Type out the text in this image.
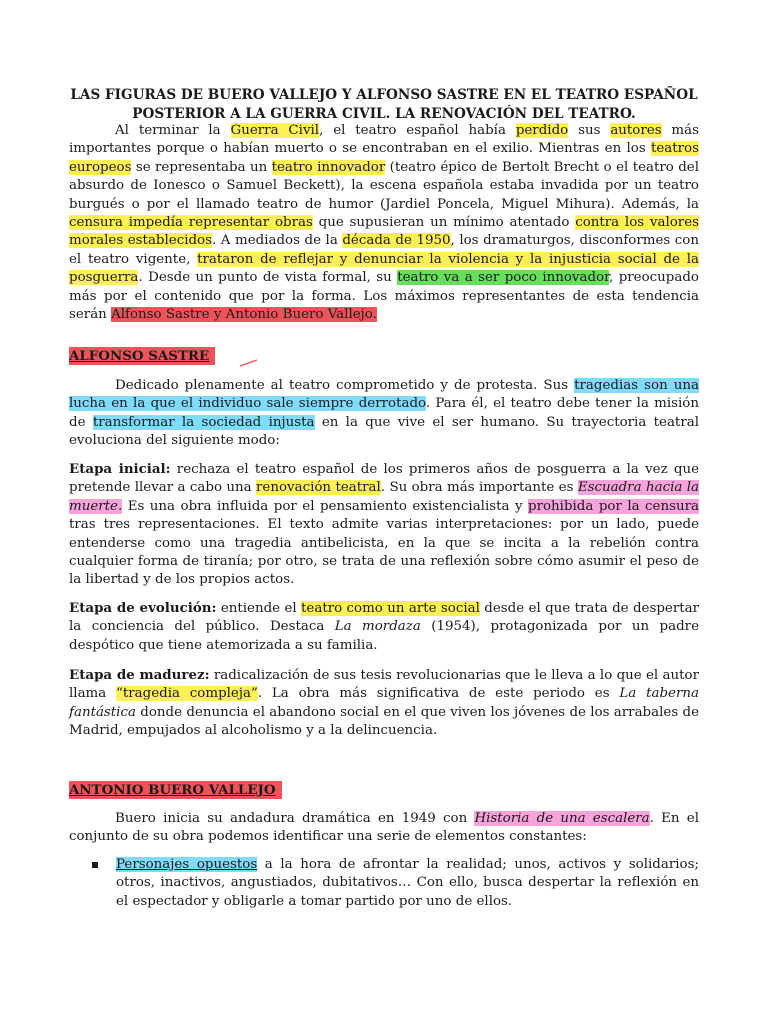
LAS FIGURAS DE BUERO VALLEJO Y ALFONSO SASTRE EN EL TEATRO ESPAÑOL
POSTERIOR A LA GUERRA CIVIL. LA RENOVACIÓN DEL TEATRO.

Al terminar la Guerra Civil, el teatro español había perdido sus autores más importantes porque o habían muerto o se encontraban en el exilio. Mientras en los teatros europeos se representaba un teatro innovador (teatro épico de Bertolt Brecht o el teatro del absurdo de Ionesco o Samuel Beckett), la escena española estaba invadida por un teatro burgués o por el llamado teatro de humor (Jardiel Poncela, Miguel Mihura). Además, la censura impedía representar obras que supusieran un mínimo atentado contra los valores morales establecidos. A mediados de la década de 1950, los dramaturgos, disconformes con el teatro vigente, trataron de reflejar y denunciar la violencia y la injusticia social de la posguerra. Desde un punto de vista formal, su teatro va a ser poco innovador, preocupado más por el contenido que por la forma. Los máximos representantes de esta tendencia serán Alfonso Sastre y Antonio Buero Vallejo.

ALFONSO SASTRE

Dedicado plenamente al teatro comprometido y de protesta. Sus tragedias son una lucha en la que el individuo sale siempre derrotado. Para él, el teatro debe tener la misión de transformar la sociedad injusta en la que vive el ser humano. Su trayectoria teatral evoluciona del siguiente modo:

Etapa inicial: rechaza el teatro español de los primeros años de posguerra a la vez que pretende llevar a cabo una renovación teatral. Su obra más importante es Escuadra hacia la muerte. Es una obra influida por el pensamiento existencialista y prohibida por la censura tras tres representaciones. El texto admite varias interpretaciones: por un lado, puede entenderse como una tragedia antibelicista, en la que se incita a la rebelión contra cualquier forma de tiranía; por otro, se trata de una reflexión sobre cómo asumir el peso de la libertad y de los propios actos.

Etapa de evolución: entiende el teatro como un arte social desde el que trata de despertar la conciencia del público. Destaca La mordaza (1954), protagonizada por un padre despótico que tiene atemorizada a su familia.

Etapa de madurez: radicalización de sus tesis revolucionarias que le lleva a lo que el autor llama “tragedia compleja”. La obra más significativa de este periodo es La taberna fantástica donde denuncia el abandono social en el que viven los jóvenes de los arrabales de Madrid, empujados al alcoholismo y a la delincuencia.

ANTONIO BUERO VALLEJO

Buero inicia su andadura dramática en 1949 con Historia de una escalera. En el conjunto de su obra podemos identificar una serie de elementos constantes:

Personajes opuestos a la hora de afrontar la realidad; unos, activos y solidarios; otros, inactivos, angustiados, dubitativos… Con ello, busca despertar la reflexión en el espectador y obligarle a tomar partido por uno de ellos.
